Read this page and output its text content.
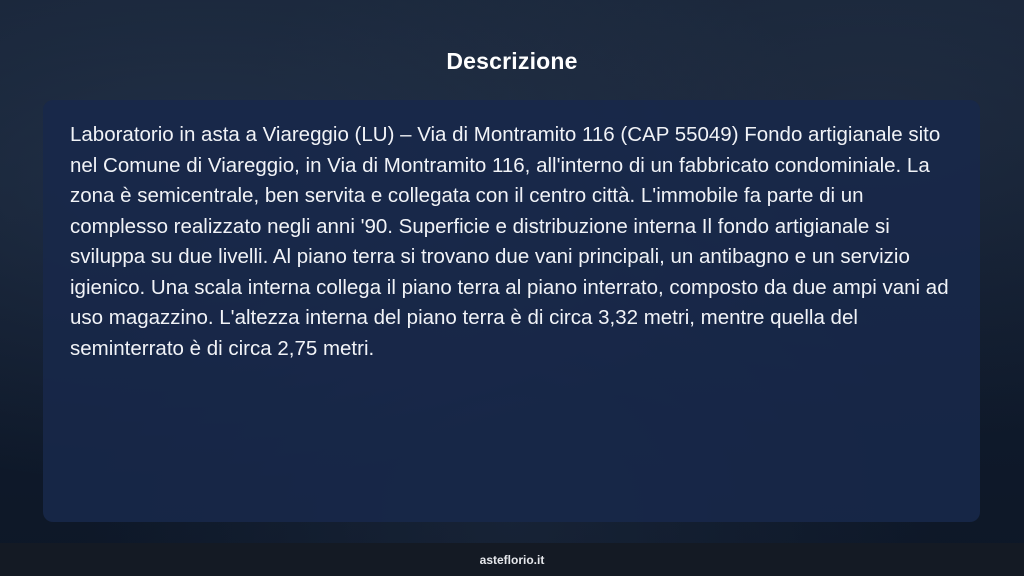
Descrizione

Laboratorio in asta a Viareggio (LU) – Via di Montramito 116 (CAP 55049) Fondo artigianale sito nel Comune di Viareggio, in Via di Montramito 116, all'interno di un fabbricato condominiale. La zona è semicentrale, ben servita e collegata con il centro città. L'immobile fa parte di un complesso realizzato negli anni '90. Superficie e distribuzione interna Il fondo artigianale si sviluppa su due livelli. Al piano terra si trovano due vani principali, un antibagno e un servizio igienico. Una scala interna collega il piano terra al piano interrato, composto da due ampi vani ad uso magazzino. L'altezza interna del piano terra è di circa 3,32 metri, mentre quella del seminterrato è di circa 2,75 metri.

asteflorio.it
